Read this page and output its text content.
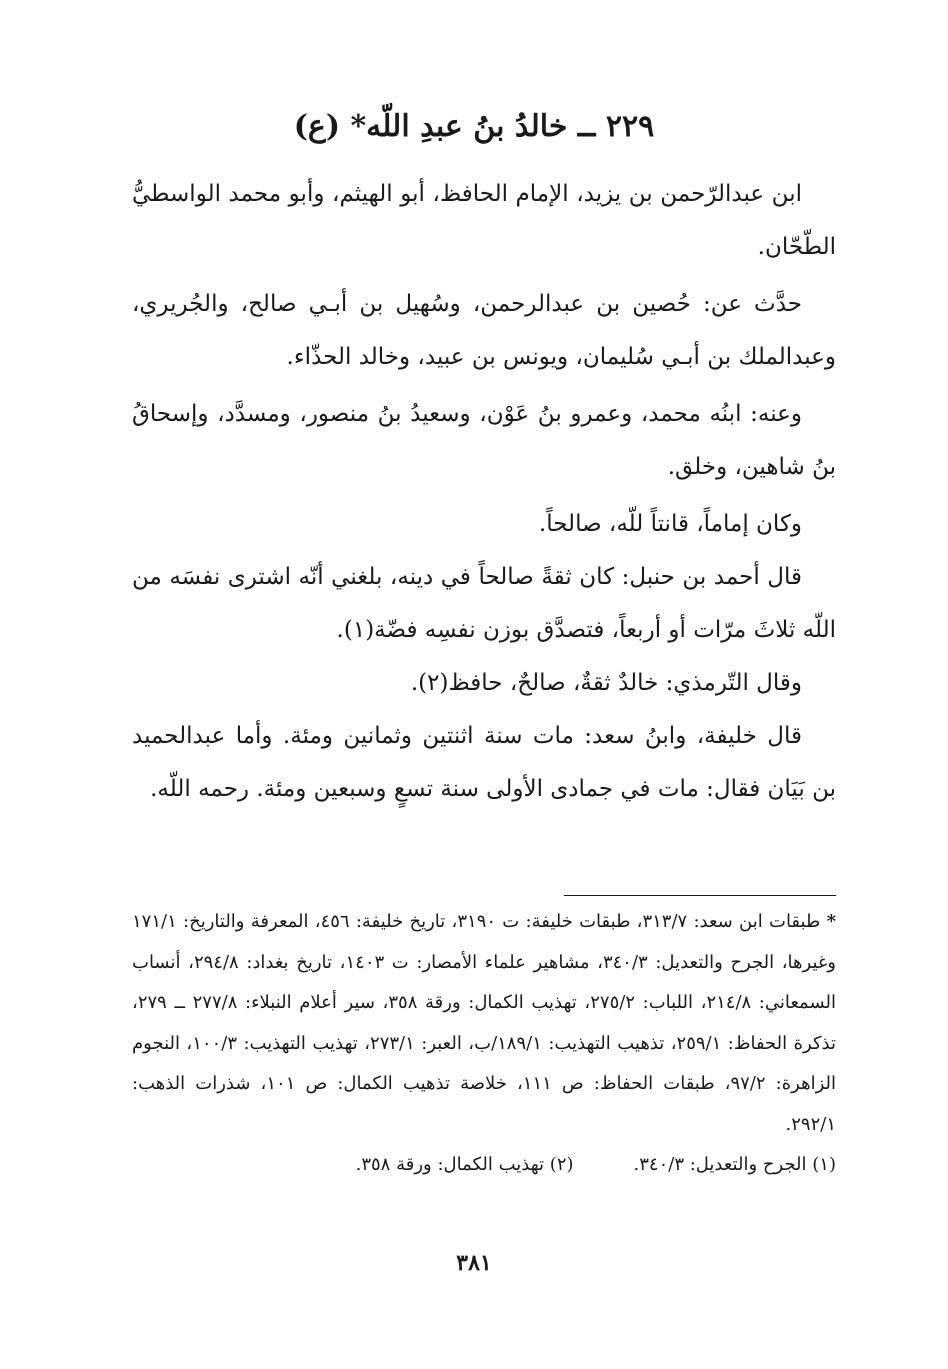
٢٢٩ ــ خالدُ بنُ عبدِ اللّه* (ع)

ابن عبدالرّحمن بن يزيد، الإمام الحافظ، أبو الهيثم، وأبو محمد الواسطيُّ الطّحّان.

حدَّث عن: حُصين بن عبدالرحمن، وسُهيل بن أبـي صالح، والجُريري، وعبدالملك بن أبـي سُليمان، ويونس بن عبيد، وخالد الحذّاء.

وعنه: ابنُه محمد، وعمرو بنُ عَوْن، وسعيدُ بنُ منصور، ومسدَّد، وإسحاقُ بنُ شاهين، وخلق.

وكان إماماً، قانتاً للّه، صالحاً.

قال أحمد بن حنبل: كان ثقةً صالحاً في دينه، بلغني أنّه اشترى نفسَه من اللّه ثلاثَ مرّات أو أربعاً، فتصدَّق بوزن نفسِه فضّة(١).

وقال التّرمذي: خالدٌ ثقةٌ، صالحٌ، حافظ(٢).

قال خليفة، وابنُ سعد: مات سنة اثنتين وثمانين ومئة. وأما عبدالحميد بن بَيَان فقال: مات في جمادى الأولى سنة تسعٍ وسبعين ومئة. رحمه اللّه.

* طبقات ابن سعد: ٣١٣/٧، طبقات خليفة: ت ٣١٩٠، تاريخ خليفة: ٤٥٦، المعرفة والتاريخ: ١٧١/١ وغيرها، الجرح والتعديل: ٣٤٠/٣، مشاهير علماء الأمصار: ت ١٤٠٣، تاريخ بغداد: ٢٩٤/٨، أنساب السمعاني: ٢١٤/٨، اللباب: ٢٧٥/٢، تهذيب الكمال: ورقة ٣٥٨، سير أعلام النبلاء: ٢٧٧/٨ ــ ٢٧٩، تذكرة الحفاظ: ٢٥٩/١، تذهيب التهذيب: ١٨٩/١/ب، العبر: ٢٧٣/١، تهذيب التهذيب: ١٠٠/٣، النجوم الزاهرة: ٩٧/٢، طبقات الحفاظ: ص ١١١، خلاصة تذهيب الكمال: ص ١٠١، شذرات الذهب: ٢٩٢/١.

(١) الجرح والتعديل: ٣٤٠/٣.
(٢) تهذيب الكمال: ورقة ٣٥٨.
٣٨١
